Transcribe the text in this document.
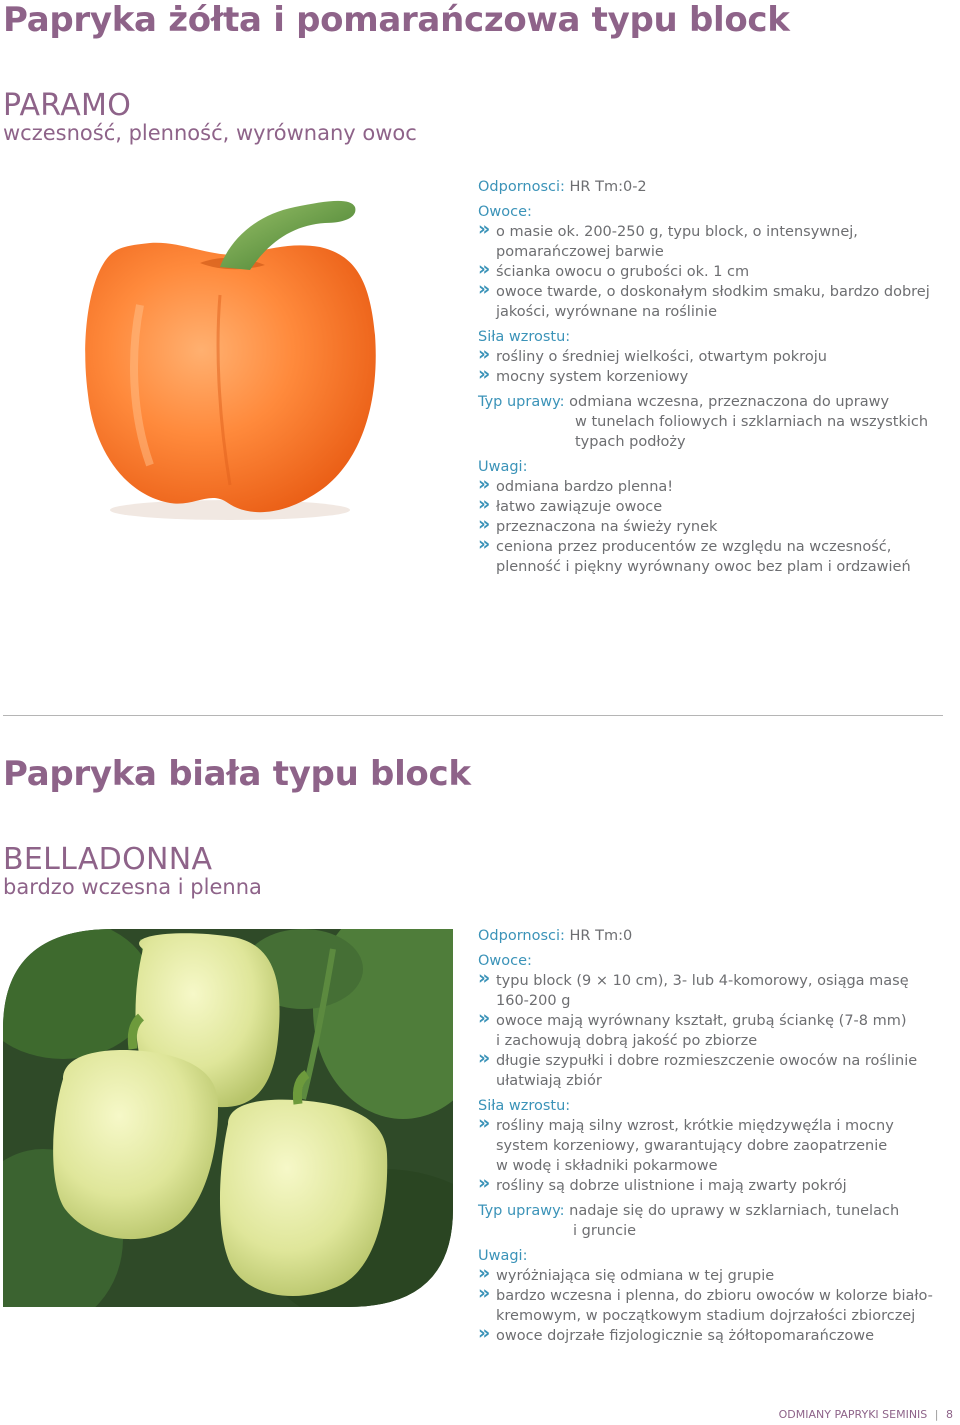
Papryka żółta i pomarańczowa typu block
PARAMO
wczesność, plenność, wyrównany owoc
Odpornosci: HR Tm:0-2
Owoce:
» o masie ok. 200-250 g, typu block, o intensywnej,
pomarańczowej barwie
» ścianka owocu o grubości ok. 1 cm
» owoce twarde, o doskonałym słodkim smaku, bardzo dobrej
jakości, wyrównane na roślinie
Siła wzrostu:
» rośliny o średniej wielkości, otwartym pokroju
» mocny system korzeniowy
Typ uprawy: odmiana wczesna, przeznaczona do uprawy
w tunelach foliowych i szklarniach na wszystkich
typach podłoży
Uwagi:
» odmiana bardzo plenna!
» łatwo zawiązuje owoce
» przeznaczona na świeży rynek
» ceniona przez producentów ze względu na wczesność,
plenność i piękny wyrównany owoc bez plam i ordzawień
Papryka biała typu block
BELLADONNA
bardzo wczesna i plenna
Odpornosci: HR Tm:0
Owoce:
» typu block (9 × 10 cm), 3- lub 4-komorowy, osiąga masę
160-200 g
» owoce mają wyrównany kształt, grubą ściankę (7-8 mm)
i zachowują dobrą jakość po zbiorze
» długie szypułki i dobre rozmieszczenie owoców na roślinie
ułatwiają zbiór
Siła wzrostu:
» rośliny mają silny wzrost, krótkie międzywęźla i mocny
system korzeniowy, gwarantujący dobre zaopatrzenie
w wodę i składniki pokarmowe
» rośliny są dobrze ulistnione i mają zwarty pokrój
Typ uprawy: nadaje się do uprawy w szklarniach, tunelach
i gruncie
Uwagi:
» wyróżniająca się odmiana w tej grupie
» bardzo wczesna i plenna, do zbioru owoców w kolorze biało-
kremowym, w początkowym stadium dojrzałości zbiorczej
» owoce dojrzałe fizjologicznie są żółtopomarańczowe
ODMIANY PAPRYKI SEMINIS | 8
